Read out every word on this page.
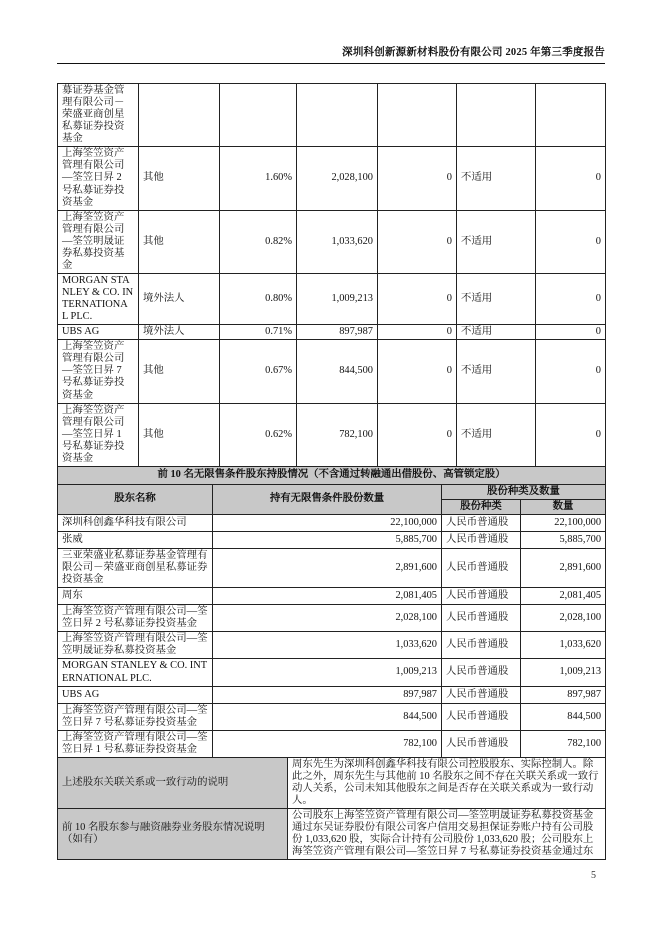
深圳科创新源新材料股份有限公司 2025 年第三季度报告
募证券基金管理有限公司－荣盛亚商创星私募证券投资基金						
上海筌笠资产管理有限公司—筌笠日昇 2 号私募证券投资基金	其他	1.60%	2,028,100	0	不适用	0
上海筌笠资产管理有限公司—筌笠明晟证券私募投资基金	其他	0.82%	1,033,620	0	不适用	0
MORGAN STANLEY & CO. INTERNATIONAL PLC.	境外法人	0.80%	1,009,213	0	不适用	0
UBS AG	境外法人	0.71%	897,987	0	不适用	0
上海筌笠资产管理有限公司—筌笠日昇 7 号私募证券投资基金	其他	0.67%	844,500	0	不适用	0
上海筌笠资产管理有限公司—筌笠日昇 1 号私募证券投资基金	其他	0.62%	782,100	0	不适用	0
前 10 名无限售条件股东持股情况（不含通过转融通出借股份、高管锁定股）			
股东名称	持有无限售条件股份数量	股份种类及数量	
		股份种类	数量
深圳科创鑫华科技有限公司	22,100,000	人民币普通股	22,100,000
张威	5,885,700	人民币普通股	5,885,700
三亚荣盛业私募证券基金管理有限公司－荣盛亚商创星私募证券投资基金	2,891,600	人民币普通股	2,891,600
周东	2,081,405	人民币普通股	2,081,405
上海筌笠资产管理有限公司—筌笠日昇 2 号私募证券投资基金	2,028,100	人民币普通股	2,028,100
上海筌笠资产管理有限公司—筌笠明晟证券私募投资基金	1,033,620	人民币普通股	1,033,620
MORGAN STANLEY & CO. INTERNATIONAL PLC.	1,009,213	人民币普通股	1,009,213
UBS AG	897,987	人民币普通股	897,987
上海筌笠资产管理有限公司—筌笠日昇 7 号私募证券投资基金	844,500	人民币普通股	844,500
上海筌笠资产管理有限公司—筌笠日昇 1 号私募证券投资基金	782,100	人民币普通股	782,100
上述股东关联关系或一致行动的说明	周东先生为深圳科创鑫华科技有限公司控股股东、实际控制人。除此之外，周东先生与其他前 10 名股东之间不存在关联关系或一致行动人关系，公司未知其他股东之间是否存在关联关系或为一致行动人。
前 10 名股东参与融资融券业务股东情况说明（如有）	公司股东上海筌笠资产管理有限公司—筌笠明晟证券私募投资基金通过东吴证券股份有限公司客户信用交易担保证券账户持有公司股份 1,033,620 股，实际合计持有公司股份 1,033,620 股；公司股东上海筌笠资产管理有限公司—筌笠日昇 7 号私募证券投资基金通过东
5
